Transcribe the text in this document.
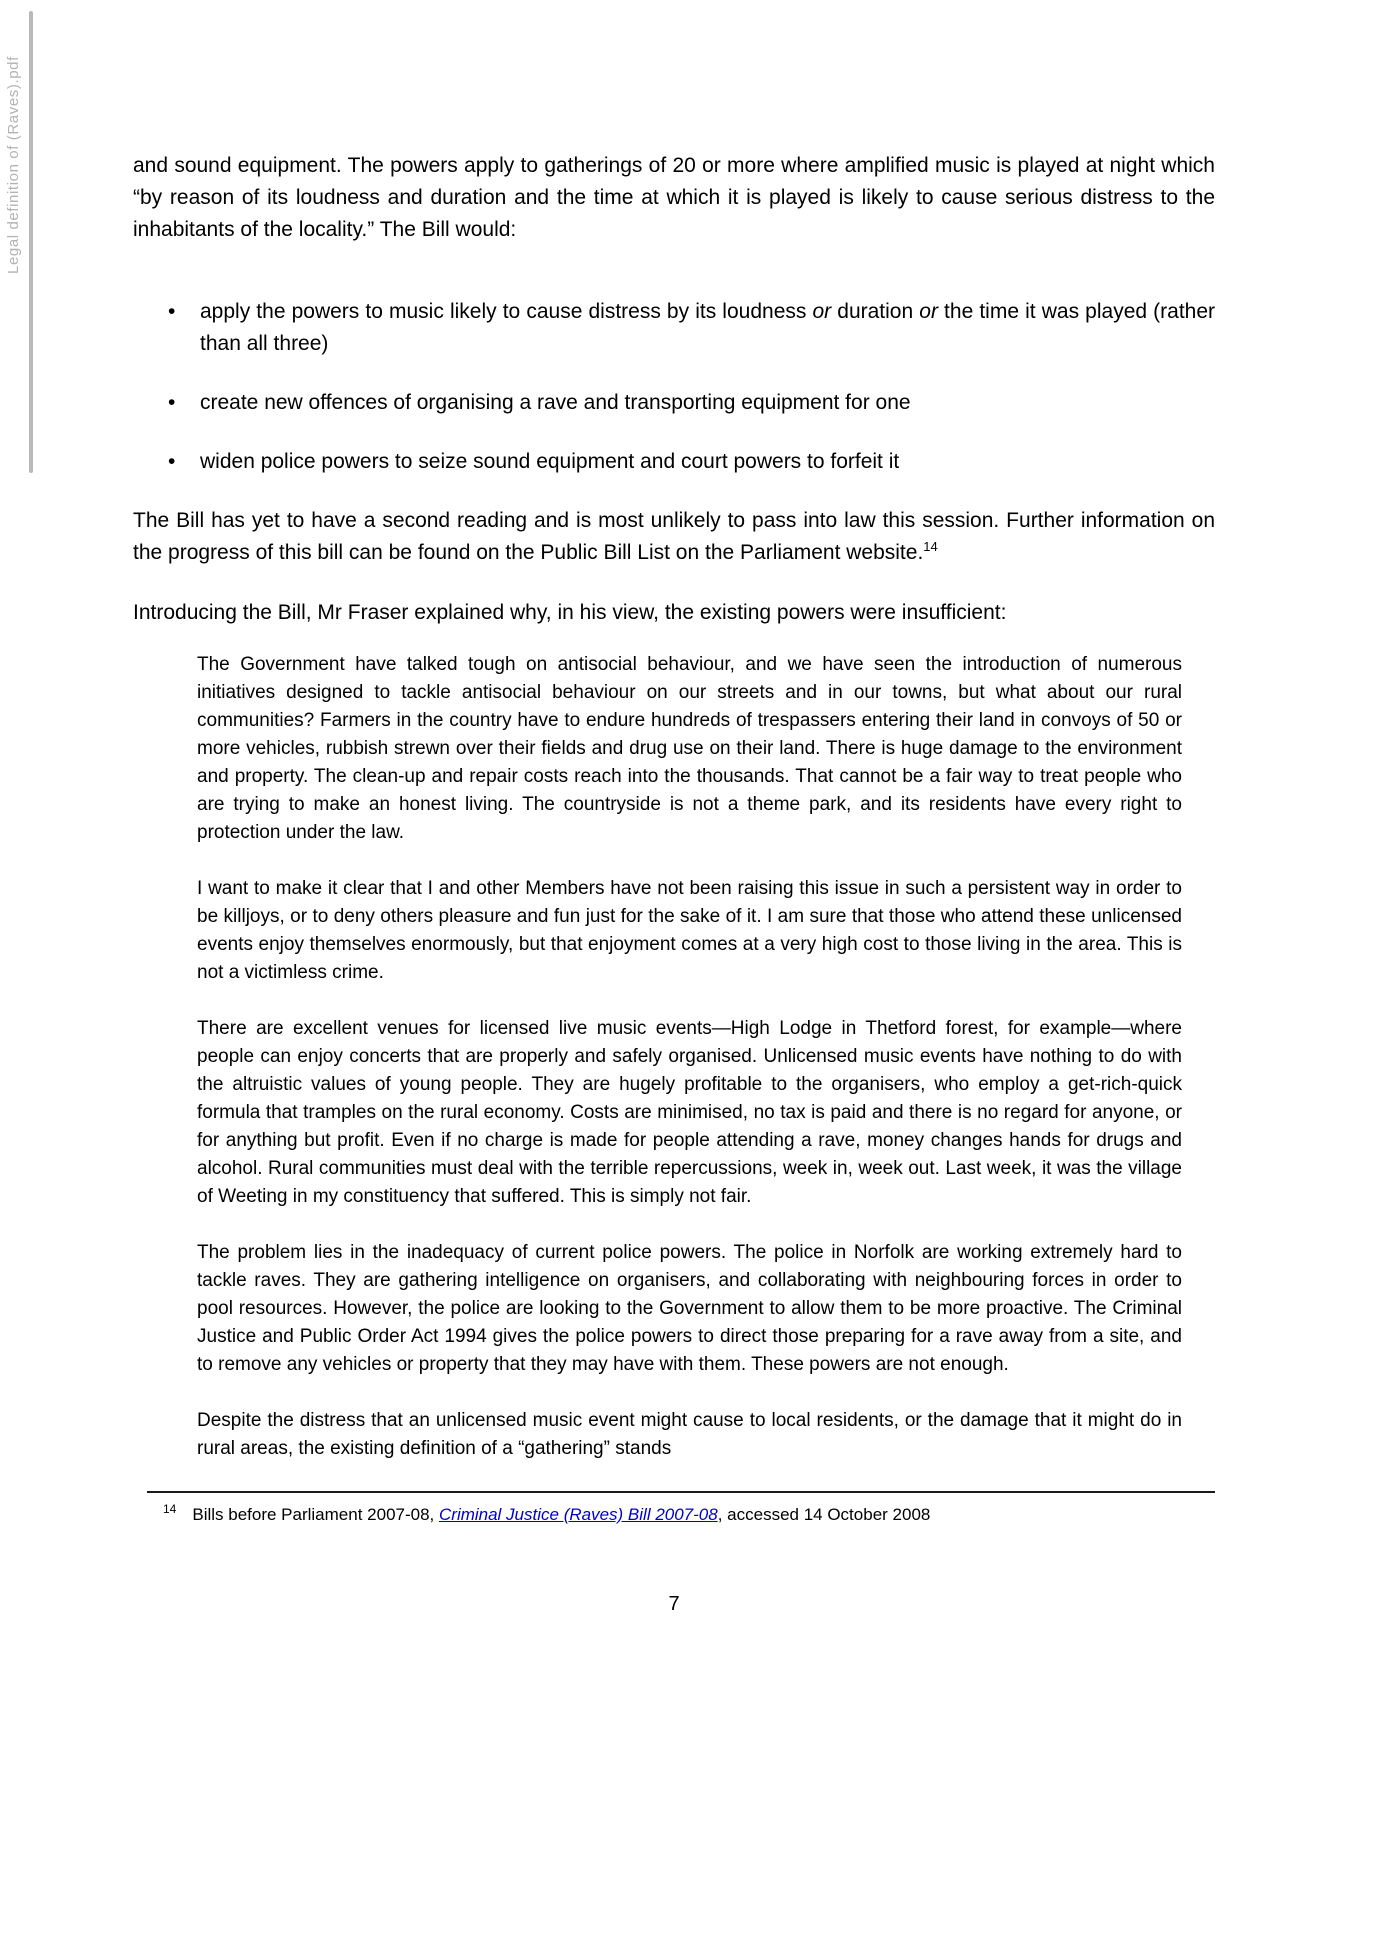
Legal definition of (Raves).pdf	and sound equipment. The powers apply to gatherings of 20 or more where amplified music is played at night which “by reason of its loudness and duration and the time at which it is played is likely to cause serious distress to the inhabitants of the locality.” The Bill would:

• apply the powers to music likely to cause distress by its loudness or duration or the time it was played (rather than all three)
• create new offences of organising a rave and transporting equipment for one
• widen police powers to seize sound equipment and court powers to forfeit it

The Bill has yet to have a second reading and is most unlikely to pass into law this session. Further information on the progress of this bill can be found on the Public Bill List on the Parliament website.$^{14}$

Introducing the Bill, Mr Fraser explained why, in his view, the existing powers were insufficient:

The Government have talked tough on antisocial behaviour, and we have seen the introduction of numerous initiatives designed to tackle antisocial behaviour on our streets and in our towns, but what about our rural communities? Farmers in the country have to endure hundreds of trespassers entering their land in convoys of 50 or more vehicles, rubbish strewn over their fields and drug use on their land. There is huge damage to the environment and property. The clean-up and repair costs reach into the thousands. That cannot be a fair way to treat people who are trying to make an honest living. The countryside is not a theme park, and its residents have every right to protection under the law.

I want to make it clear that I and other Members have not been raising this issue in such a persistent way in order to be killjoys, or to deny others pleasure and fun just for the sake of it. I am sure that those who attend these unlicensed events enjoy themselves enormously, but that enjoyment comes at a very high cost to those living in the area. This is not a victimless crime.

There are excellent venues for licensed live music events—High Lodge in Thetford forest, for example—where people can enjoy concerts that are properly and safely organised. Unlicensed music events have nothing to do with the altruistic values of young people. They are hugely profitable to the organisers, who employ a get-rich-quick formula that tramples on the rural economy. Costs are minimised, no tax is paid and there is no regard for anyone, or for anything but profit. Even if no charge is made for people attending a rave, money changes hands for drugs and alcohol. Rural communities must deal with the terrible repercussions, week in, week out. Last week, it was the village of Weeting in my constituency that suffered. This is simply not fair.

The problem lies in the inadequacy of current police powers. The police in Norfolk are working extremely hard to tackle raves. They are gathering intelligence on organisers, and collaborating with neighbouring forces in order to pool resources. However, the police are looking to the Government to allow them to be more proactive. The Criminal Justice and Public Order Act 1994 gives the police powers to direct those preparing for a rave away from a site, and to remove any vehicles or property that they may have with them. These powers are not enough.

Despite the distress that an unlicensed music event might cause to local residents, or the damage that it might do in rural areas, the existing definition of a “gathering” stands

$^{14}$ Bills before Parliament 2007-08, Criminal Justice (Raves) Bill 2007-08, accessed 14 October 2008
7
